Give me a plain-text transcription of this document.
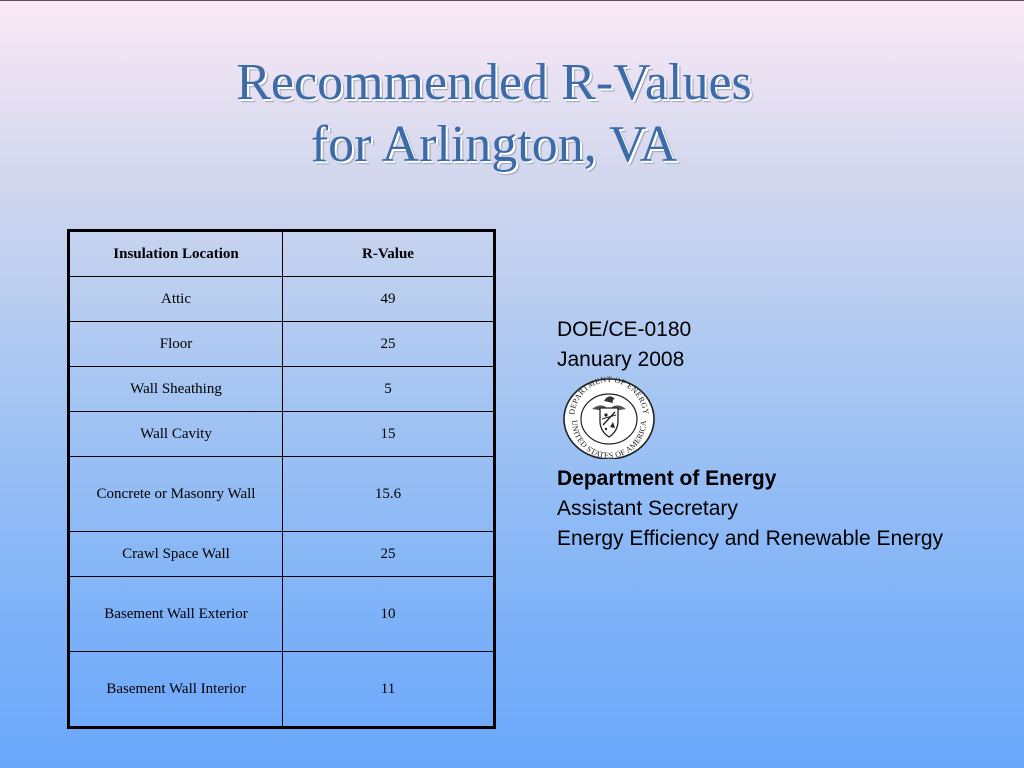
Recommended R-Values
for Arlington, VA
Insulation Location	R-Value
Attic	49
Floor	25
Wall Sheathing	5
Wall Cavity	15
Concrete or Masonry Wall	15.6
Crawl Space Wall	25
Basement Wall Exterior	10
Basement Wall Interior	11
DOE/CE-0180
January 2008
DEPARTMENT OF ENERGY
UNITED STATES OF AMERICA
Department of Energy
Assistant Secretary
Energy Efficiency and Renewable Energy
